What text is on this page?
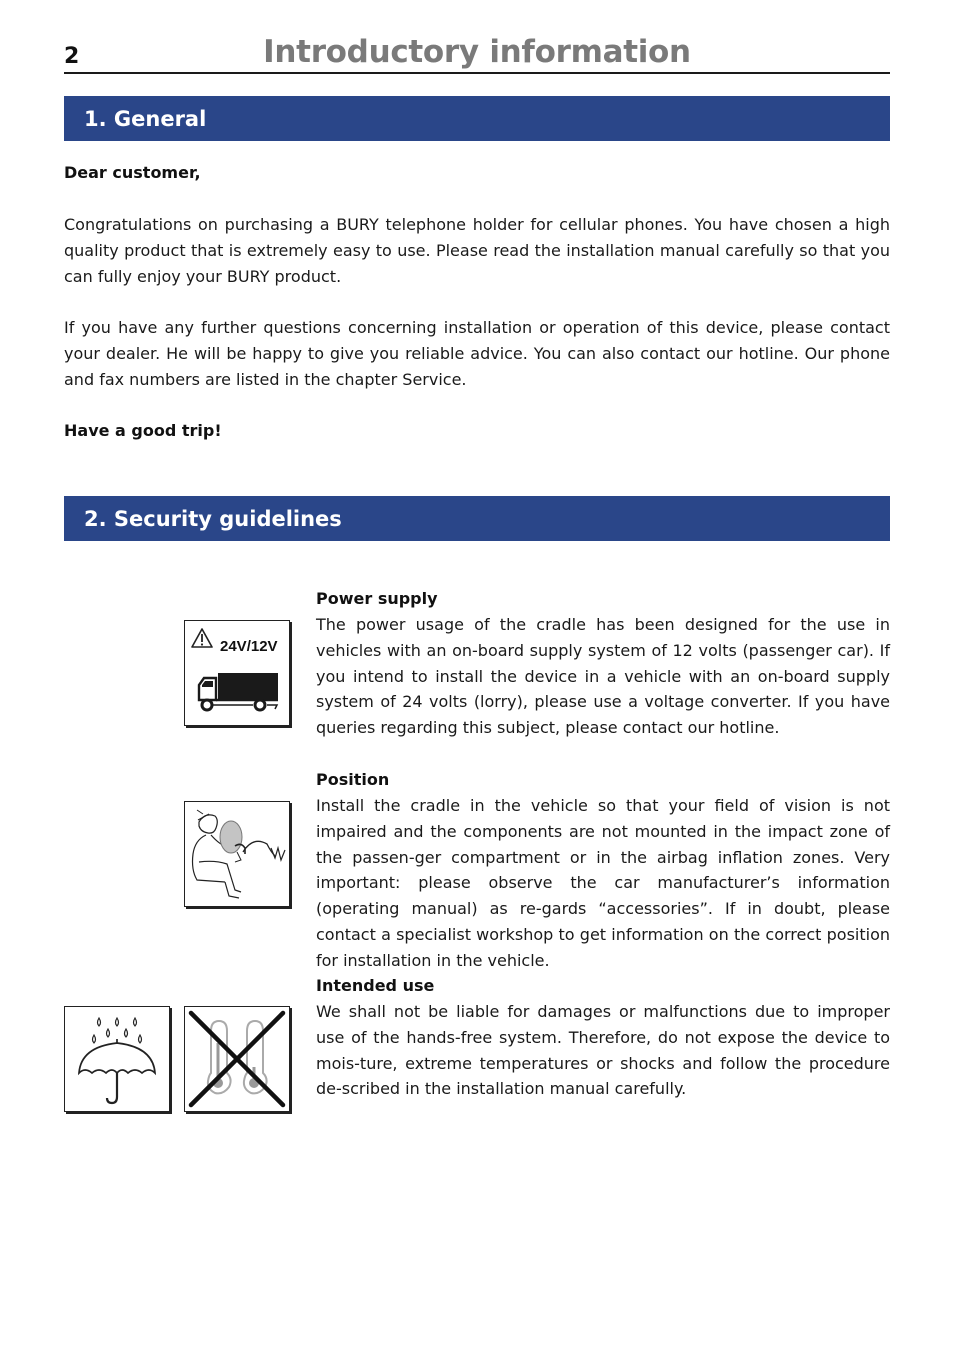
2	Introductory information
1. General
Dear customer,

Congratulations on purchasing a BURY telephone holder for cellular phones. You have chosen a high quality product that is extremely easy to use. Please read the installation manual carefully so that you can fully enjoy your BURY product.

If you have any further questions concerning installation or operation of this device, please contact your dealer. He will be happy to give you reliable advice. You can also contact our hotline. Our phone and fax numbers are listed in the chapter Service.

Have a good trip!
2. Security guidelines
24V/12V
Power supply

The power usage of the cradle has been designed for the use in vehicles with an on-board supply system of 12 volts (passenger car). If you intend to install the device in a vehicle with an on-board supply system of 24 volts (lorry), please use a voltage converter. If you have queries regarding this subject, please contact our hotline.

Position

Install the cradle in the vehicle so that your field of vision is not impaired and the components are not mounted in the impact zone of the passen-ger compartment or in the airbag inflation zones. Very important: please observe the car manufacturer’s information (operating manual) as re-gards “accessories”. If in doubt, please contact a specialist workshop to get information on the correct position for installation in the vehicle.

Intended use

We shall not be liable for damages or malfunctions due to improper use of the hands-free system. Therefore, do not expose the device to mois-ture, extreme temperatures or shocks and follow the procedure de-scribed in the installation manual carefully.
